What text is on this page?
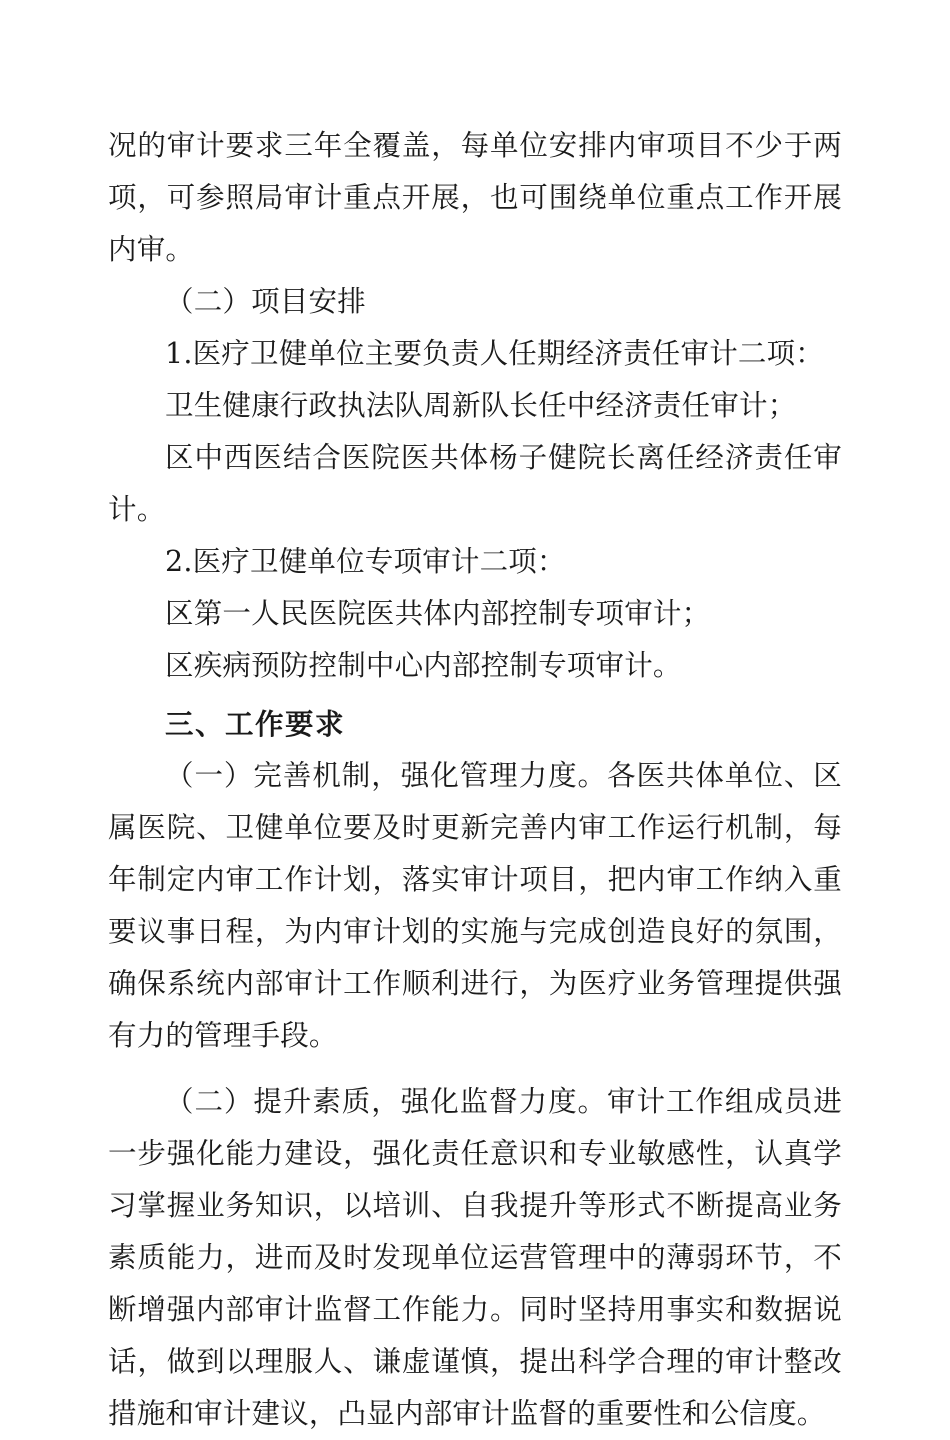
况的审计要求三年全覆盖，每单位安排内审项目不少于两项，可参照局审计重点开展，也可围绕单位重点工作开展内审。

（二）项目安排

1.医疗卫健单位主要负责人任期经济责任审计二项：

卫生健康行政执法队周新队长任中经济责任审计；

区中西医结合医院医共体杨子健院长离任经济责任审计。

2.医疗卫健单位专项审计二项：

区第一人民医院医共体内部控制专项审计；

区疾病预防控制中心内部控制专项审计。

三、工作要求

（一）完善机制，强化管理力度。各医共体单位、区属医院、卫健单位要及时更新完善内审工作运行机制，每年制定内审工作计划，落实审计项目，把内审工作纳入重要议事日程，为内审计划的实施与完成创造良好的氛围，确保系统内部审计工作顺利进行，为医疗业务管理提供强有力的管理手段。

（二）提升素质，强化监督力度。审计工作组成员进一步强化能力建设，强化责任意识和专业敏感性，认真学习掌握业务知识，以培训、自我提升等形式不断提高业务素质能力，进而及时发现单位运营管理中的薄弱环节，不断增强内部审计监督工作能力。同时坚持用事实和数据说话，做到以理服人、谦虚谨慎，提出科学合理的审计整改措施和审计建议，凸显内部审计监督的重要性和公信度。
